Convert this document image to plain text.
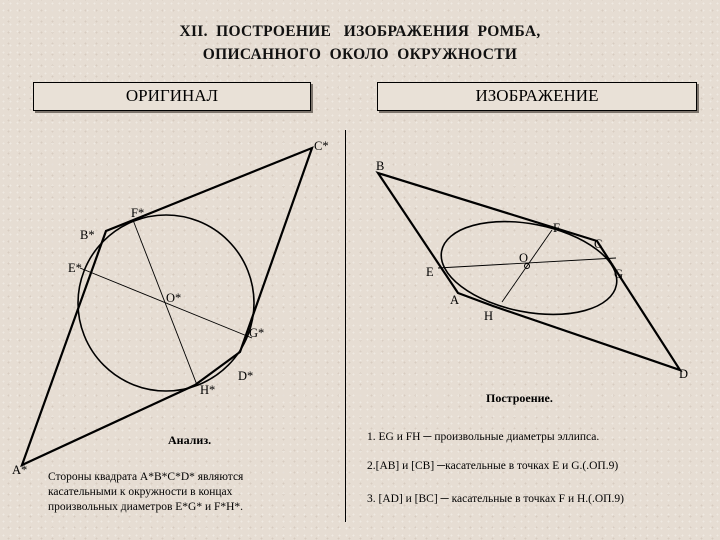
XII.  ПОСТРОЕНИЕ   ИЗОБРАЖЕНИЯ  РОМБА,
ОПИСАННОГО  ОКОЛО  ОКРУЖНОСТИ
ОРИГИНАЛ	ИЗОБРАЖЕНИЕ
A*
B*
C*
D*
E*
F*
G*
H*
O*	A
B
C
D
E
F
G
H
O
Анализ.
Стороны квадрата A*B*C*D* являются
касательными к окружности в концах
произвольных диаметров E*G* и F*H*.
Построение.
1. EG и FH ─ произвольные диаметры эллипса.
2.[AB] и [CB] ─касательные в точках E и G.(.ОП.9)
3. [AD] и [BC] ─ касательные в точках F и H.(.ОП.9)
